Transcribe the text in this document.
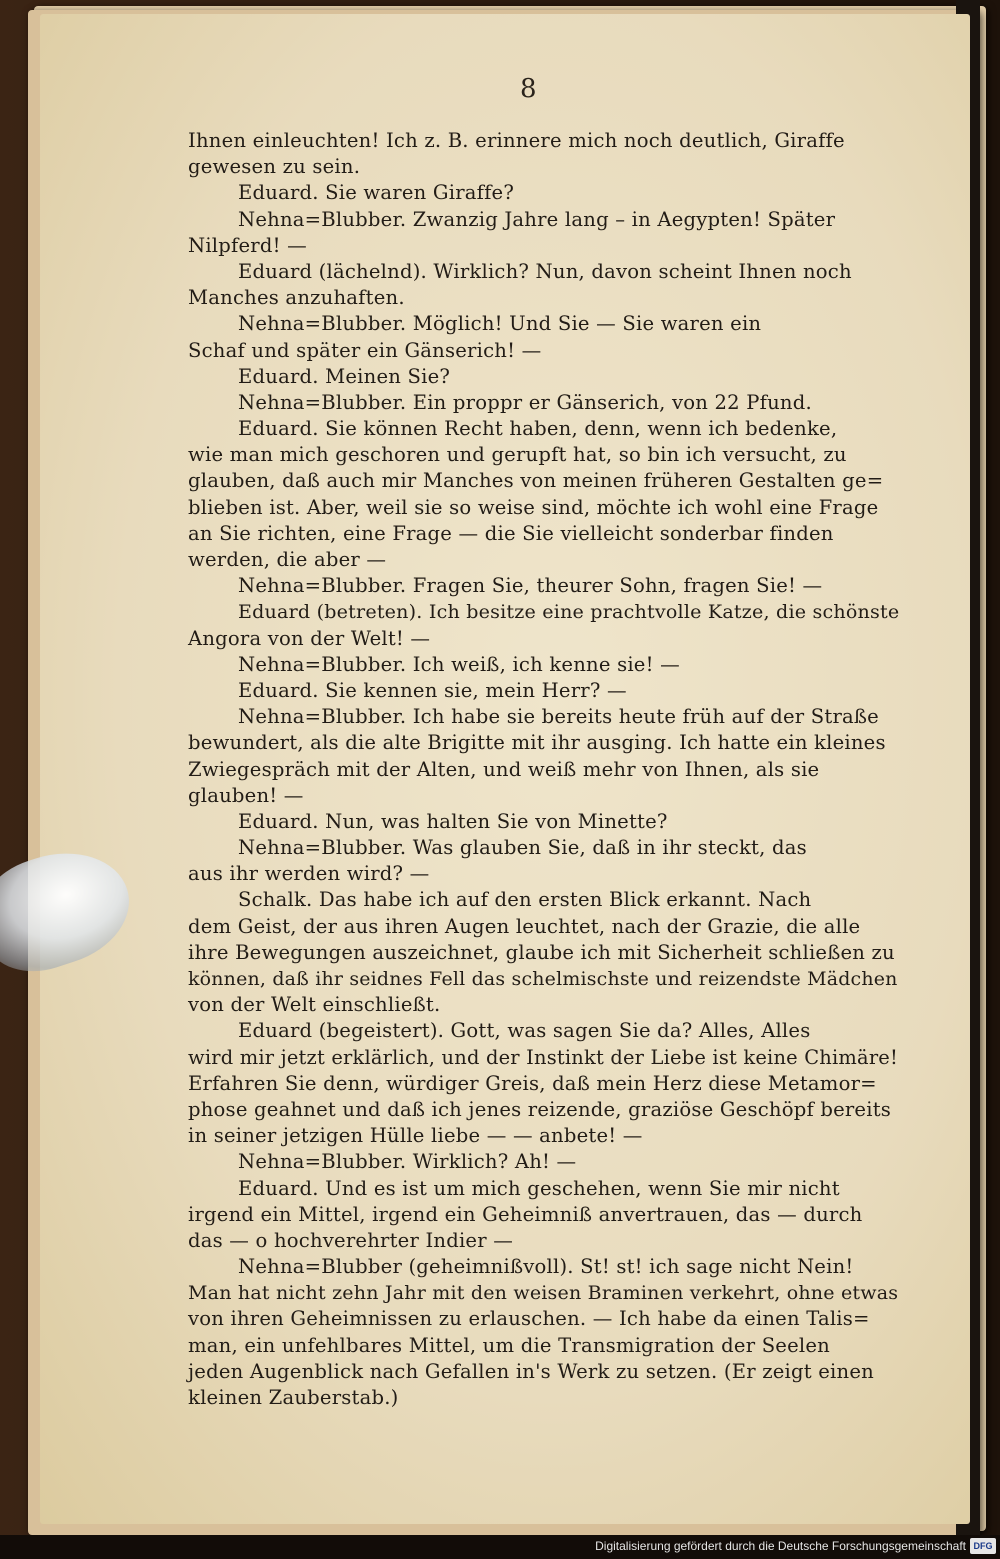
8
Ihnen einleuchten! Ich z. B. erinnere mich noch deutlich, Giraffe
gewesen zu sein.
Eduard. Sie waren Giraffe?
Nehna=Blubber. Zwanzig Jahre lang – in Aegypten! Später
Nilpferd! —
Eduard (lächelnd). Wirklich? Nun, davon scheint Ihnen noch
Manches anzuhaften.
Nehna=Blubber. Möglich! Und Sie — Sie waren ein
Schaf und später ein Gänserich! —
Eduard. Meinen Sie?
Nehna=Blubber. Ein proppr er Gänserich, von 22 Pfund.
Eduard. Sie können Recht haben, denn, wenn ich bedenke,
wie man mich geschoren und gerupft hat, so bin ich versucht, zu
glauben, daß auch mir Manches von meinen früheren Gestalten ge=
blieben ist. Aber, weil sie so weise sind, möchte ich wohl eine Frage
an Sie richten, eine Frage — die Sie vielleicht sonderbar finden
werden, die aber —
Nehna=Blubber. Fragen Sie, theurer Sohn, fragen Sie! —
Eduard (betreten). Ich besitze eine prachtvolle Katze, die schönste
Angora von der Welt! —
Nehna=Blubber. Ich weiß, ich kenne sie! —
Eduard. Sie kennen sie, mein Herr? —
Nehna=Blubber. Ich habe sie bereits heute früh auf der Straße
bewundert, als die alte Brigitte mit ihr ausging. Ich hatte ein kleines
Zwiegespräch mit der Alten, und weiß mehr von Ihnen, als sie
glauben! —
Eduard. Nun, was halten Sie von Minette?
Nehna=Blubber. Was glauben Sie, daß in ihr steckt, das
aus ihr werden wird? —
Schalk. Das habe ich auf den ersten Blick erkannt. Nach
dem Geist, der aus ihren Augen leuchtet, nach der Grazie, die alle
ihre Bewegungen auszeichnet, glaube ich mit Sicherheit schließen zu
können, daß ihr seidnes Fell das schelmischste und reizendste Mädchen
von der Welt einschließt.
Eduard (begeistert). Gott, was sagen Sie da? Alles, Alles
wird mir jetzt erklärlich, und der Instinkt der Liebe ist keine Chimäre!
Erfahren Sie denn, würdiger Greis, daß mein Herz diese Metamor=
phose geahnet und daß ich jenes reizende, graziöse Geschöpf bereits
in seiner jetzigen Hülle liebe — — anbete! —
Nehna=Blubber. Wirklich? Ah! —
Eduard. Und es ist um mich geschehen, wenn Sie mir nicht
irgend ein Mittel, irgend ein Geheimniß anvertrauen, das — durch
das — o hochverehrter Indier —
Nehna=Blubber (geheimnißvoll). St! st! ich sage nicht Nein!
Man hat nicht zehn Jahr mit den weisen Braminen verkehrt, ohne etwas
von ihren Geheimnissen zu erlauschen. — Ich habe da einen Talis=
man, ein unfehlbares Mittel, um die Transmigration der Seelen
jeden Augenblick nach Gefallen in's Werk zu setzen. (Er zeigt einen
kleinen Zauberstab.)
Digitalisierung gefördert durch die Deutsche Forschungsgemeinschaft DFG
